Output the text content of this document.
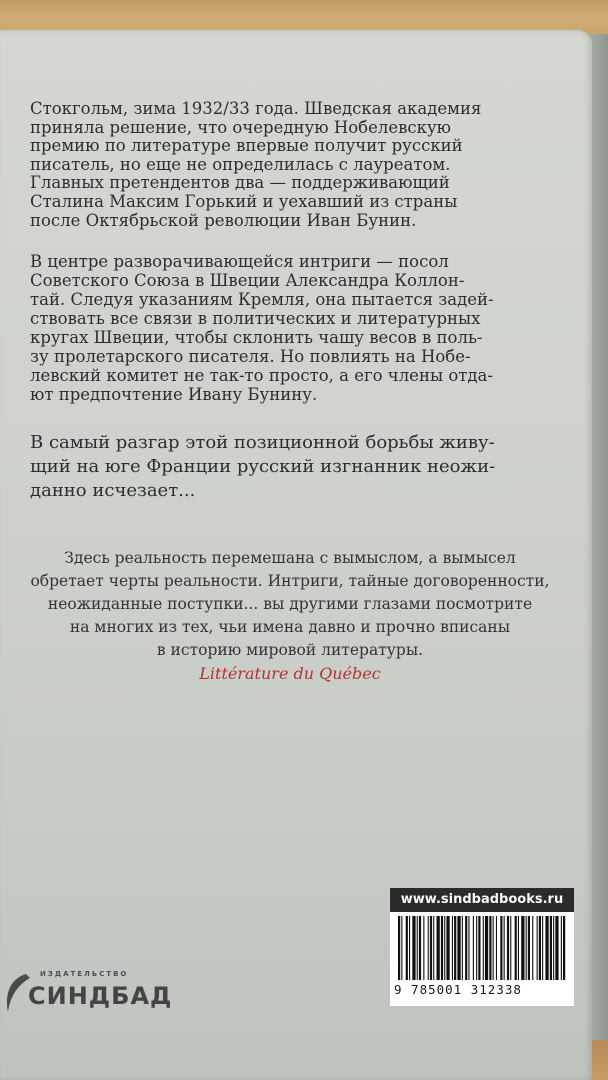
Стокгольм, зима 1932/33 года. Шведская академия
приняла решение, что очередную Нобелевскую
премию по литературе впервые получит русский
писатель, но еще не определилась с лауреатом.
Главных претендентов два — поддерживающий
Сталина Максим Горький и уехавший из страны
после Октябрьской революции Иван Бунин.
В центре разворачивающейся интриги — посол
Советского Союза в Швеции Александра Коллон-
тай. Следуя указаниям Кремля, она пытается задей-
ствовать все связи в политических и литературных
кругах Швеции, чтобы склонить чашу весов в поль-
зу пролетарского писателя. Но повлиять на Нобе-
левский комитет не так-то просто, а его члены отда-
ют предпочтение Ивану Бунину.
В самый разгар этой позиционной борьбы живу-
щий на юге Франции русский изгнанник неожи-
данно исчезает...
Здесь реальность перемешана с вымыслом, а вымысел
обретает черты реальности. Интриги, тайные договоренности,
неожиданные поступки... вы другими глазами посмотрите
на многих из тех, чьи имена давно и прочно вписаны
в историю мировой литературы.
Littérature du Québec
ИЗДАТЕЛЬСТВО
СИНДБАД
www.sindbadbooks.ru
9 785001 312338
